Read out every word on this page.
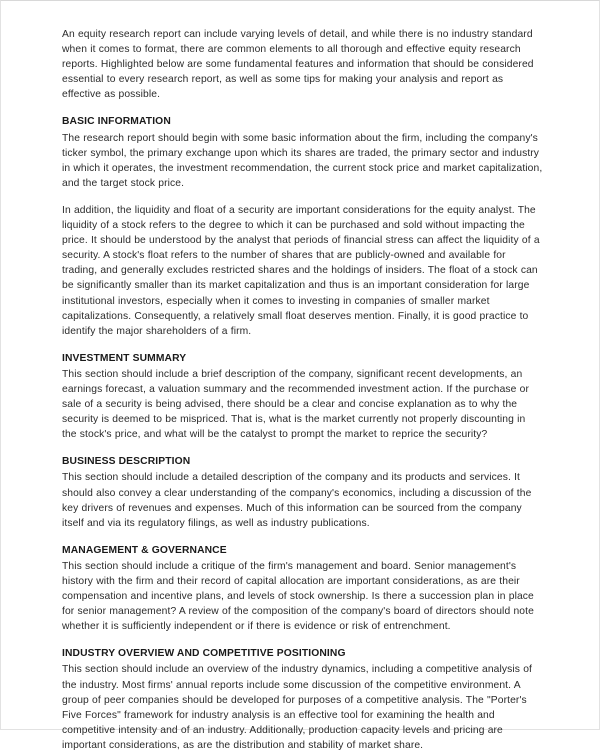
An equity research report can include varying levels of detail, and while there is no industry standard when it comes to format, there are common elements to all thorough and effective equity research reports. Highlighted below are some fundamental features and information that should be considered essential to every research report, as well as some tips for making your analysis and report as effective as possible.

BASIC INFORMATION

The research report should begin with some basic information about the firm, including the company's ticker symbol, the primary exchange upon which its shares are traded, the primary sector and industry in which it operates, the investment recommendation, the current stock price and market capitalization, and the target stock price.

In addition, the liquidity and float of a security are important considerations for the equity analyst. The liquidity of a stock refers to the degree to which it can be purchased and sold without impacting the price. It should be understood by the analyst that periods of financial stress can affect the liquidity of a security. A stock's float refers to the number of shares that are publicly-owned and available for trading, and generally excludes restricted shares and the holdings of insiders. The float of a stock can be significantly smaller than its market capitalization and thus is an important consideration for large institutional investors, especially when it comes to investing in companies of smaller market capitalizations. Consequently, a relatively small float deserves mention. Finally, it is good practice to identify the major shareholders of a firm.

INVESTMENT SUMMARY

This section should include a brief description of the company, significant recent developments, an earnings forecast, a valuation summary and the recommended investment action. If the purchase or sale of a security is being advised, there should be a clear and concise explanation as to why the security is deemed to be mispriced. That is, what is the market currently not properly discounting in the stock's price, and what will be the catalyst to prompt the market to reprice the security?

BUSINESS DESCRIPTION

This section should include a detailed description of the company and its products and services. It should also convey a clear understanding of the company's economics, including a discussion of the key drivers of revenues and expenses. Much of this information can be sourced from the company itself and via its regulatory filings, as well as industry publications.

MANAGEMENT & GOVERNANCE

This section should include a critique of the firm's management and board. Senior management's history with the firm and their record of capital allocation are important considerations, as are their compensation and incentive plans, and levels of stock ownership. Is there a succession plan in place for senior management? A review of the composition of the company's board of directors should note whether it is sufficiently independent or if there is evidence or risk of entrenchment.

INDUSTRY OVERVIEW AND COMPETITIVE POSITIONING

This section should include an overview of the industry dynamics, including a competitive analysis of the industry. Most firms' annual reports include some discussion of the competitive environment. A group of peer companies should be developed for purposes of a competitive analysis. The "Porter's Five Forces" framework for industry analysis is an effective tool for examining the health and competitive intensity and of an industry. Additionally, production capacity levels and pricing are important considerations, as are the distribution and stability of market share.
